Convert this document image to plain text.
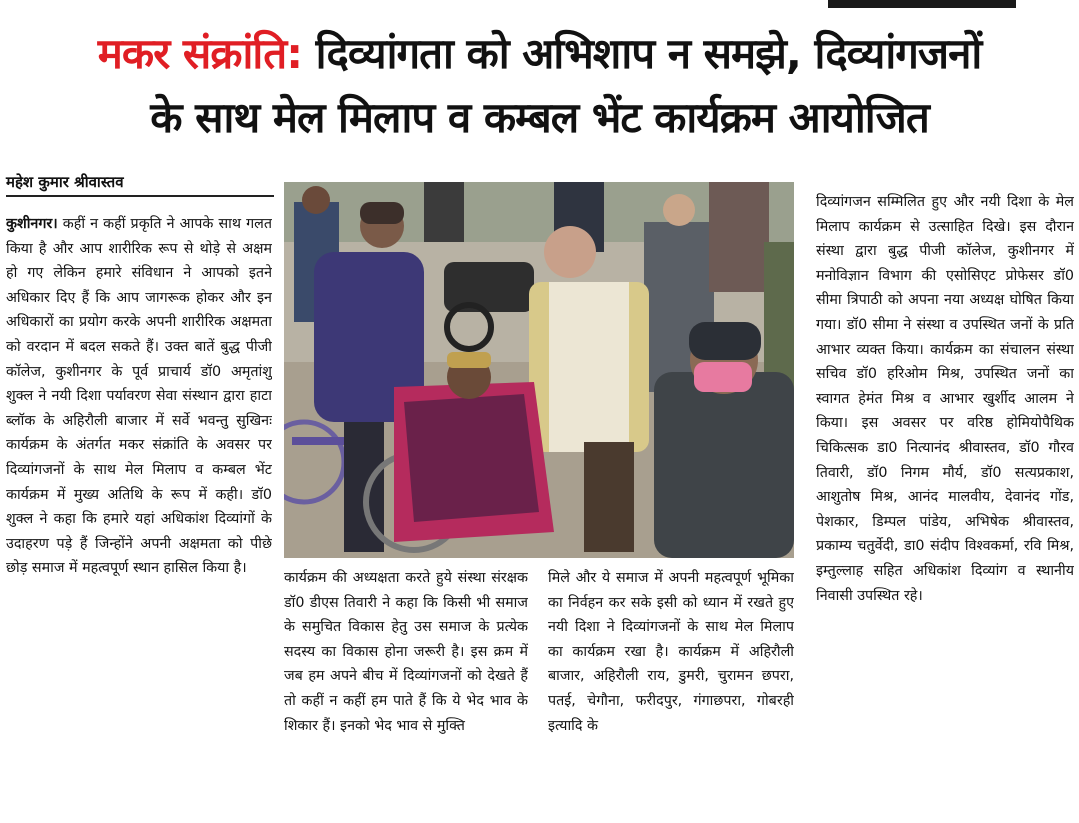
मकर संक्रांति: दिव्यांगता को अभिशाप न समझे, दिव्यांगजनों
के साथ मेल मिलाप व कम्बल भेंट कार्यक्रम आयोजित
महेश कुमार श्रीवास्तव
कुशीनगर। कहीं न कहीं प्रकृति ने आपके साथ गलत किया है और आप शारीरिक रूप से थोड़े से अक्षम हो गए लेकिन हमारे संविधान ने आपको इतने अधिकार दिए हैं कि आप जागरूक होकर और इन अधिकारों का प्रयोग करके अपनी शारीरिक अक्षमता को वरदान में बदल सकते हैं। उक्त बातें बुद्ध पीजी कॉलेज, कुशीनगर के पूर्व प्राचार्य डॉ0 अमृतांशु शुक्ल ने नयी दिशा पर्यावरण सेवा संस्थान द्वारा हाटा ब्लॉक के अहिरौली बाजार में सर्वे भवन्तु सुखिनः कार्यक्रम के अंतर्गत मकर संक्रांति के अवसर पर दिव्यांगजनों के साथ मेल मिलाप व कम्बल भेंट कार्यक्रम में मुख्य अतिथि के रूप में कही। डॉ0 शुक्ल ने कहा कि हमारे यहां अधिकांश दिव्यांगों के उदाहरण पड़े हैं जिन्होंने अपनी अक्षमता को पीछे छोड़ समाज में महत्वपूर्ण स्थान हासिल किया है।
कार्यक्रम की अध्यक्षता करते हुये संस्था संरक्षक डॉ0 डीएस तिवारी ने कहा कि किसी भी समाज के समुचित विकास हेतु उस समाज के प्रत्येक सदस्य का विकास होना जरूरी है। इस क्रम में जब हम अपने बीच में दिव्यांगजनों को देखते हैं तो कहीं न कहीं हम पाते हैं कि ये भेद भाव के शिकार हैं। इनको भेद भाव से मुक्ति
मिले और ये समाज में अपनी महत्वपूर्ण भूमिका का निर्वहन कर सके इसी को ध्यान में रखते हुए नयी दिशा ने दिव्यांगजनों के साथ मेल मिलाप का कार्यक्रम रखा है। कार्यक्रम में अहिरौली बाजार, अहिरौली राय, डुमरी, चुरामन छपरा, पतई, चेगौना, फरीदपुर, गंगाछपरा, गोबरही इत्यादि के
दिव्यांगजन सम्मिलित हुए और नयी दिशा के मेल मिलाप कार्यक्रम से उत्साहित दिखे। इस दौरान संस्था द्वारा बुद्ध पीजी कॉलेज, कुशीनगर में मनोविज्ञान विभाग की एसोसिएट प्रोफेसर डॉ0 सीमा त्रिपाठी को अपना नया अध्यक्ष घोषित किया गया। डॉ0 सीमा ने संस्था व उपस्थित जनों के प्रति आभार व्यक्त किया। कार्यक्रम का संचालन संस्था सचिव डॉ0 हरिओम मिश्र, उपस्थित जनों का स्वागत हेमंत मिश्र व आभार खुर्शीद आलम ने किया। इस अवसर पर वरिष्ठ होमियोपैथिक चिकित्सक डा0 नित्यानंद श्रीवास्तव, डॉ0 गौरव तिवारी, डॉ0 निगम मौर्य, डॉ0 सत्यप्रकाश, आशुतोष मिश्र, आनंद मालवीय, देवानंद गोंड, पेशकार, डिम्पल पांडेय, अभिषेक श्रीवास्तव, प्रकाम्य चतुर्वेदी, डा0 संदीप विश्वकर्मा, रवि मिश्र, इम्तुल्लाह सहित अधिकांश दिव्यांग व स्थानीय निवासी उपस्थित रहे।
